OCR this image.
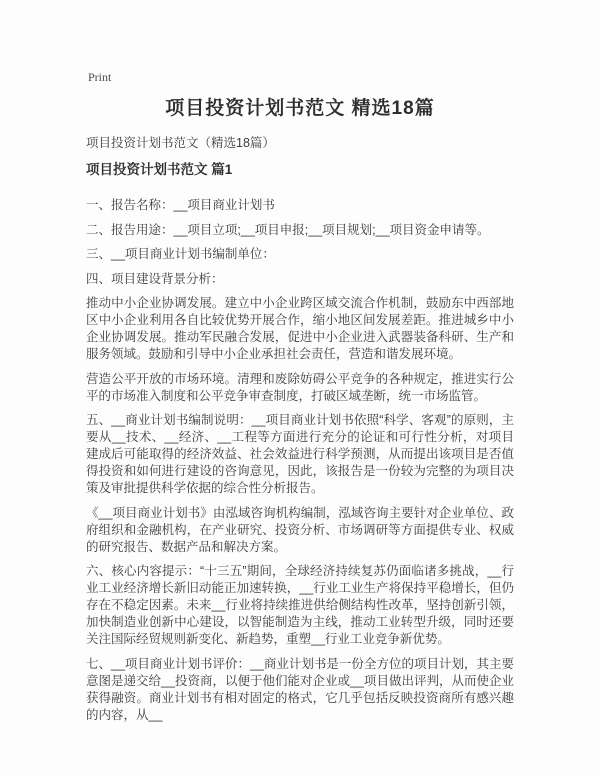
Print
项目投资计划书范文 精选18篇

项目投资计划书范文（精选18篇）

项目投资计划书范文 篇1

一、报告名称：__项目商业计划书

二、报告用途：__项目立项;__项目申报;__项目规划;__项目资金申请等。

三、__项目商业计划书编制单位：

四、项目建设背景分析：

推动中小企业协调发展。建立中小企业跨区域交流合作机制，鼓励东中西部地区中小企业利用各自比较优势开展合作，缩小地区间发展差距。推进城乡中小企业协调发展。推动军民融合发展，促进中小企业进入武器装备科研、生产和服务领域。鼓励和引导中小企业承担社会责任，营造和谐发展环境。

营造公平开放的市场环境。清理和废除妨碍公平竞争的各种规定，推进实行公平的市场准入制度和公平竞争审查制度，打破区域垄断，统一市场监管。

五、__商业计划书编制说明：__项目商业计划书依照“科学、客观”的原则，主要从__技术、__经济、__工程等方面进行充分的论证和可行性分析，对项目建成后可能取得的经济效益、社会效益进行科学预测，从而提出该项目是否值得投资和如何进行建设的咨询意见，因此，该报告是一份较为完整的为项目决策及审批提供科学依据的综合性分析报告。

《__项目商业计划书》由泓域咨询机构编制，泓域咨询主要针对企业单位、政府组织和金融机构，在产业研究、投资分析、市场调研等方面提供专业、权威的研究报告、数据产品和解决方案。

六、核心内容提示：“十三五”期间，全球经济持续复苏仍面临诸多挑战，__行业工业经济增长新旧动能正加速转换，__行业工业生产将保持平稳增长，但仍存在不稳定因素。未来__行业将持续推进供给侧结构性改革，坚持创新引领，加快制造业创新中心建设，以智能制造为主线，推动工业转型升级，同时还要关注国际经贸规则新变化、新趋势，重塑__行业工业竞争新优势。

七、__项目商业计划书评价：__商业计划书是一份全方位的项目计划，其主要意图是递交给__投资商，以便于他们能对企业或__项目做出评判，从而使企业获得融资。商业计划书有相对固定的格式，它几乎包括反映投资商所有感兴趣的内容，从__
